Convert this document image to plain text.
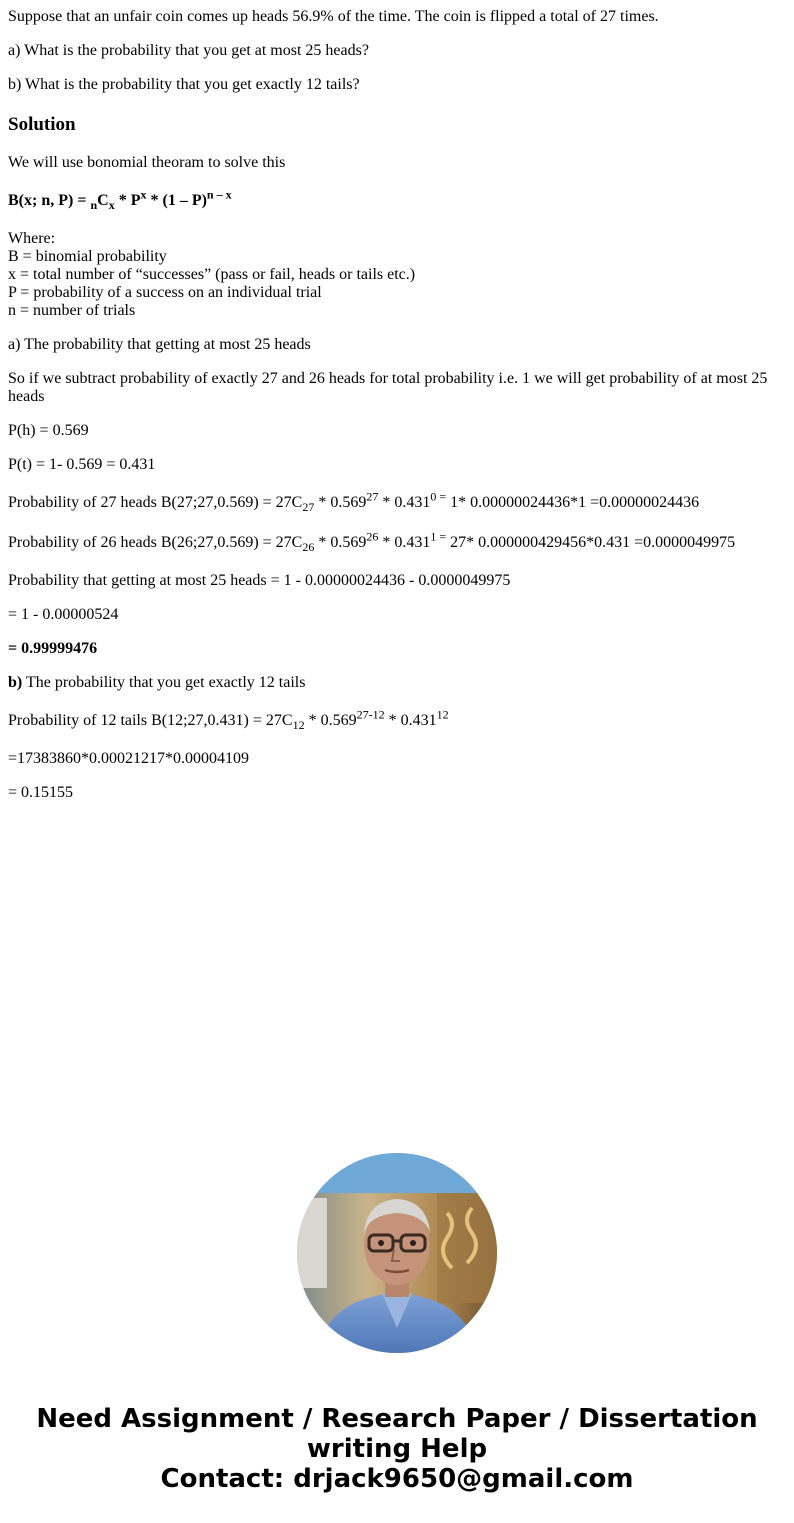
Suppose that an unfair coin comes up heads 56.9% of the time. The coin is flipped a total of 27 times.

a) What is the probability that you get at most 25 heads?

b) What is the probability that you get exactly 12 tails?

Solution

We will use bonomial theoram to solve this

B(x; n, $P) = _nC_x * P^x * (1 - P)^{n - x}$

Where:
B = binomial probability
x = total number of “successes” (pass or fail, heads or tails etc.)
P = probability of a success on an individual trial
n = number of trials

a) The probability that getting at most 25 heads

So if we subtract probability of exactly 27 and 26 heads for total probability i.e. 1 we will get probability of at most 25 heads

P(h) = 0.569

P(t) = 1- 0.569 = 0.431

Probability of 27 heads B(27;27,0.569) = $27C_{27} * 0.569^{27} * 0.431^{0 =}$ 1* 0.00000024436*1 =0.00000024436

Probability of 26 heads B(26;27,0.569) = $27C_{26} * 0.569^{26} * 0.431^{1 =}$ 27* 0.000000429456*0.431 =0.0000049975

Probability that getting at most 25 heads = 1 - 0.00000024436 - 0.0000049975

= 1 - 0.00000524

= 0.99999476

b) The probability that you get exactly 12 tails

Probability of 12 tails B(12;27,0.431) = $27C_{12} * 0.569^{27-12} * 0.431^{12}$

=17383860*0.00021217*0.00004109

= 0.15155

Need Assignment / Research Paper / Dissertation
writing Help
Contact: drjack9650@gmail.com
